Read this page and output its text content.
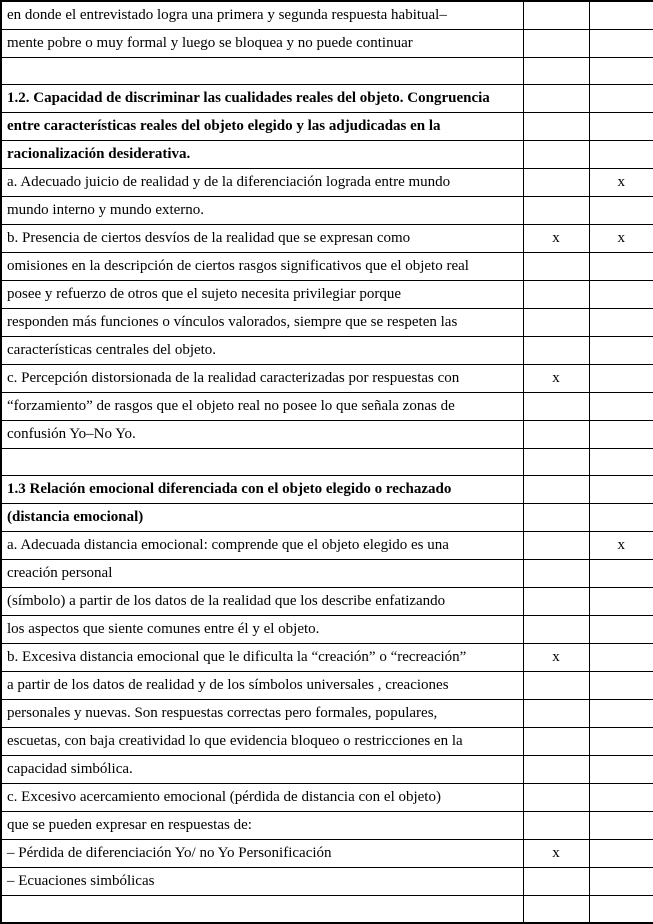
en donde el entrevistado logra una primera y segunda respuesta habitual–		
mente pobre o muy formal y luego se bloquea y no puede continuar		

1.2. Capacidad de discriminar las cualidades reales del objeto. Congruencia		
entre características reales del objeto elegido y las adjudicadas en la		
racionalización desiderativa.		
a. Adecuado juicio de realidad y de la diferenciación lograda entre mundo		x
mundo interno y mundo externo.		
b. Presencia de ciertos desvíos de la realidad que se expresan como	x	x
omisiones en la descripción de ciertos rasgos significativos que el objeto real		
posee y refuerzo de otros que el sujeto necesita privilegiar porque		
responden más funciones o vínculos valorados, siempre que se respeten las		
características centrales del objeto.		
c. Percepción distorsionada de la realidad caracterizadas por respuestas con	x	
“forzamiento” de rasgos que el objeto real no posee lo que señala zonas de		
confusión Yo–No Yo.		

1.3 Relación emocional diferenciada con el objeto elegido o rechazado		
(distancia emocional)		
a. Adecuada distancia emocional: comprende que el objeto elegido es una		x
creación personal		
(símbolo) a partir de los datos de la realidad que los describe enfatizando		
los aspectos que siente comunes entre él y el objeto.		
b. Excesiva distancia emocional que le dificulta la “creación” o “recreación”	x	
a partir de los datos de realidad y de los símbolos universales , creaciones		
personales y nuevas. Son respuestas correctas pero formales, populares,		
escuetas, con baja creatividad lo que evidencia bloqueo o restricciones en la		
capacidad simbólica.		
c. Excesivo acercamiento emocional (pérdida de distancia con el objeto)		
que se pueden expresar en respuestas de:		
– Pérdida de diferenciación Yo/ no Yo Personificación	x	
– Ecuaciones simbólicas		
